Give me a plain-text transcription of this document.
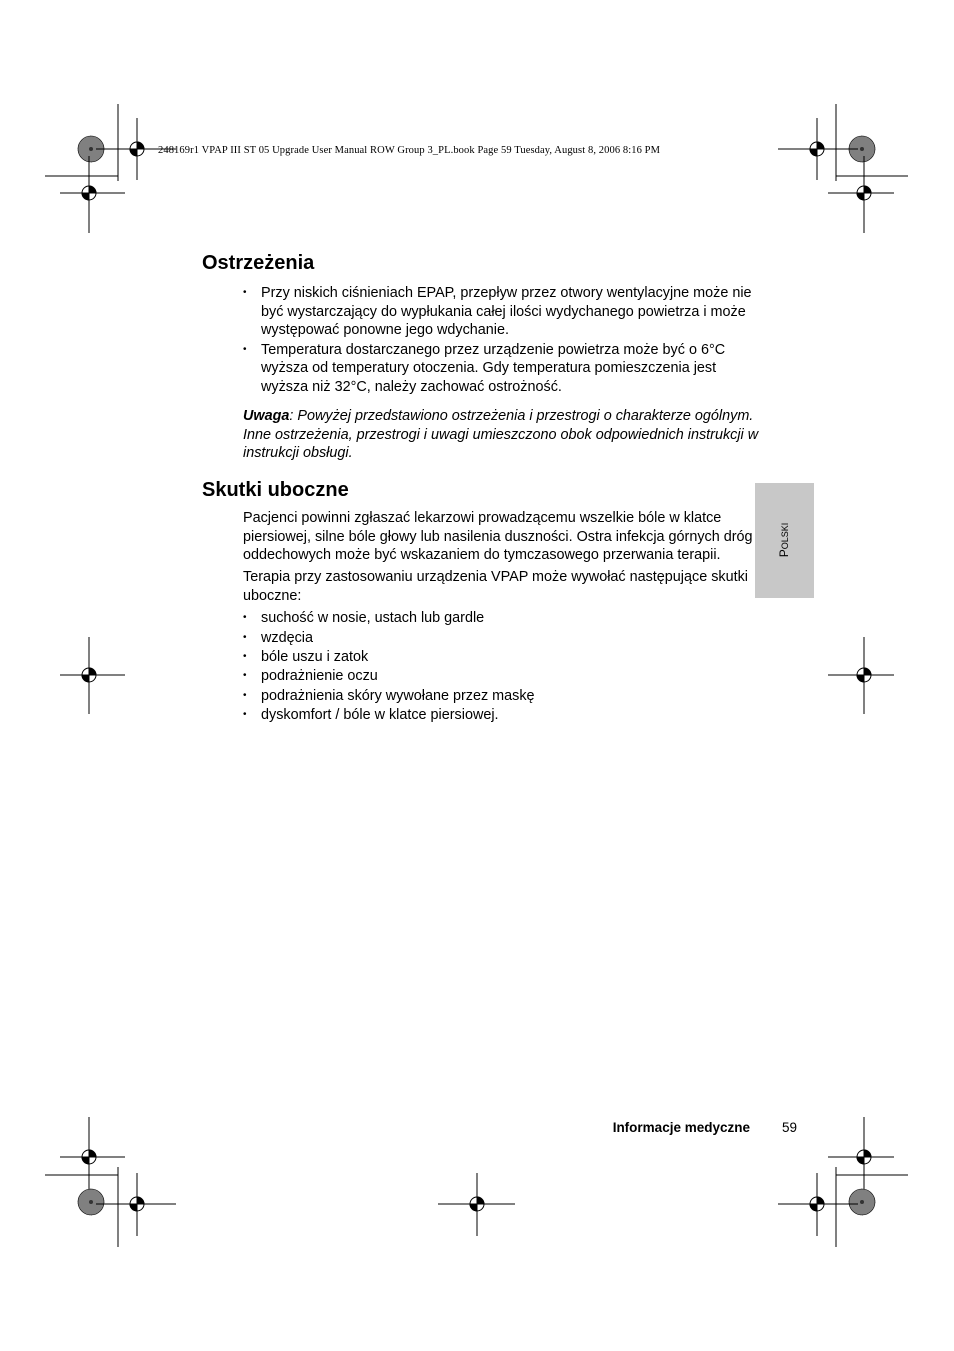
248169r1 VPAP III ST 05 Upgrade User Manual ROW Group 3_PL.book Page 59 Tuesday, August 8, 2006 8:16 PM
Ostrzeżenia
• Przy niskich ciśnieniach EPAP, przepływ przez otwory wentylacyjne może nie być wystarczający do wypłukania całej ilości wydychanego powietrza i może występować ponowne jego wdychanie.
• Temperatura dostarczanego przez urządzenie powietrza może być o 6°C wyższa od temperatury otoczenia. Gdy temperatura pomieszczenia jest wyższa niż 32°C, należy zachować ostrożność.
Uwaga: Powyżej przedstawiono ostrzeżenia i przestrogi o charakterze ogólnym. Inne ostrzeżenia, przestrogi i uwagi umieszczono obok odpowiednich instrukcji w instrukcji obsługi.
Skutki uboczne

Pacjenci powinni zgłaszać lekarzowi prowadzącemu wszelkie bóle w klatce piersiowej, silne bóle głowy lub nasilenia duszności. Ostra infekcja górnych dróg oddechowych może być wskazaniem do tymczasowego przerwania terapii.

Terapia przy zastosowaniu urządzenia VPAP może wywołać następujące skutki uboczne:

• suchość w nosie, ustach lub gardle
• wzdęcia
• bóle uszu i zatok
• podrażnienie oczu
• podrażnienia skóry wywołane przez maskę
• dyskomfort / bóle w klatce piersiowej.
POLSKI
Informacje medyczne 59
